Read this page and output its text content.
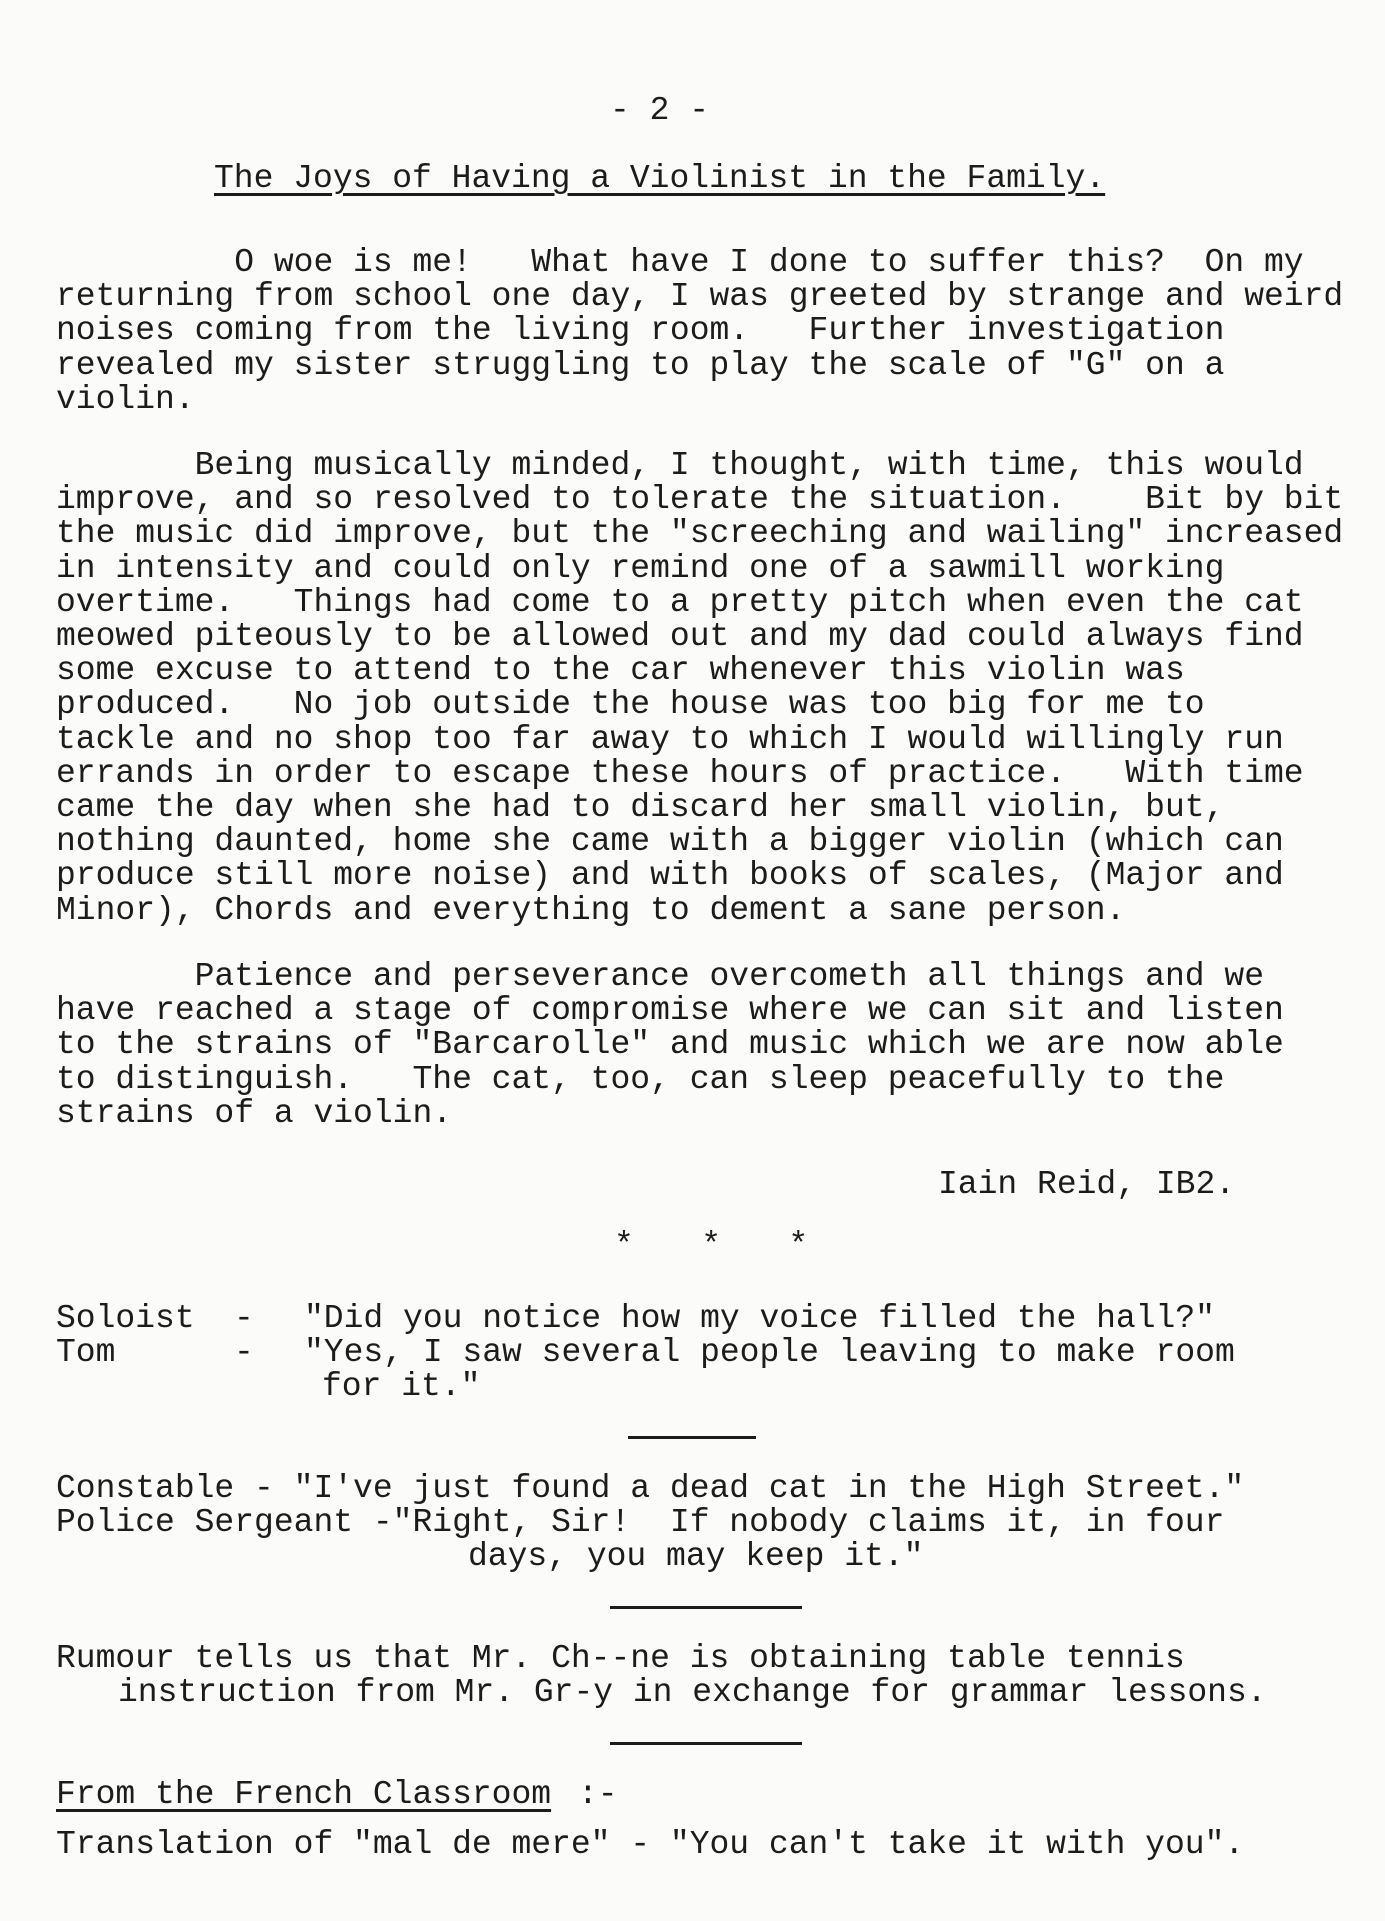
- 2 -
The Joys of Having a Violinist in the Family.
O woe is me!   What have I done to suffer this?  On my
returning from school one day, I was greeted by strange and weird
noises coming from the living room.   Further investigation
revealed my sister struggling to play the scale of "G" on a
violin.
Being musically minded, I thought, with time, this would
improve, and so resolved to tolerate the situation.    Bit by bit
the music did improve, but the "screeching and wailing" increased
in intensity and could only remind one of a sawmill working
overtime.   Things had come to a pretty pitch when even the cat
meowed piteously to be allowed out and my dad could always find
some excuse to attend to the car whenever this violin was
produced.   No job outside the house was too big for me to
tackle and no shop too far away to which I would willingly run
errands in order to escape these hours of practice.   With time
came the day when she had to discard her small violin, but,
nothing daunted, home she came with a bigger violin (which can
produce still more noise) and with books of scales, (Major and
Minor), Chords and everything to dement a sane person.
Patience and perseverance overcometh all things and we
have reached a stage of compromise where we can sit and listen
to the strains of "Barcarolle" and music which we are now able
to distinguish.   The cat, too, can sleep peacefully to the
strains of a violin.
Iain Reid, IB2.
*   *   *
Soloist - "Did you notice how my voice filled the hall?"
Tom	- "Yes, I saw several people leaving to make room
for it."
Constable - "I've just found a dead cat in the High Street."
Police Sergeant -"Right, Sir!  If nobody claims it, in four
days, you may keep it."
Rumour tells us that Mr. Ch--ne is obtaining table tennis
instruction from Mr. Gr-y in exchange for grammar lessons.
From the French Classroom :-
Translation of "mal de mere" - "You can't take it with you".
